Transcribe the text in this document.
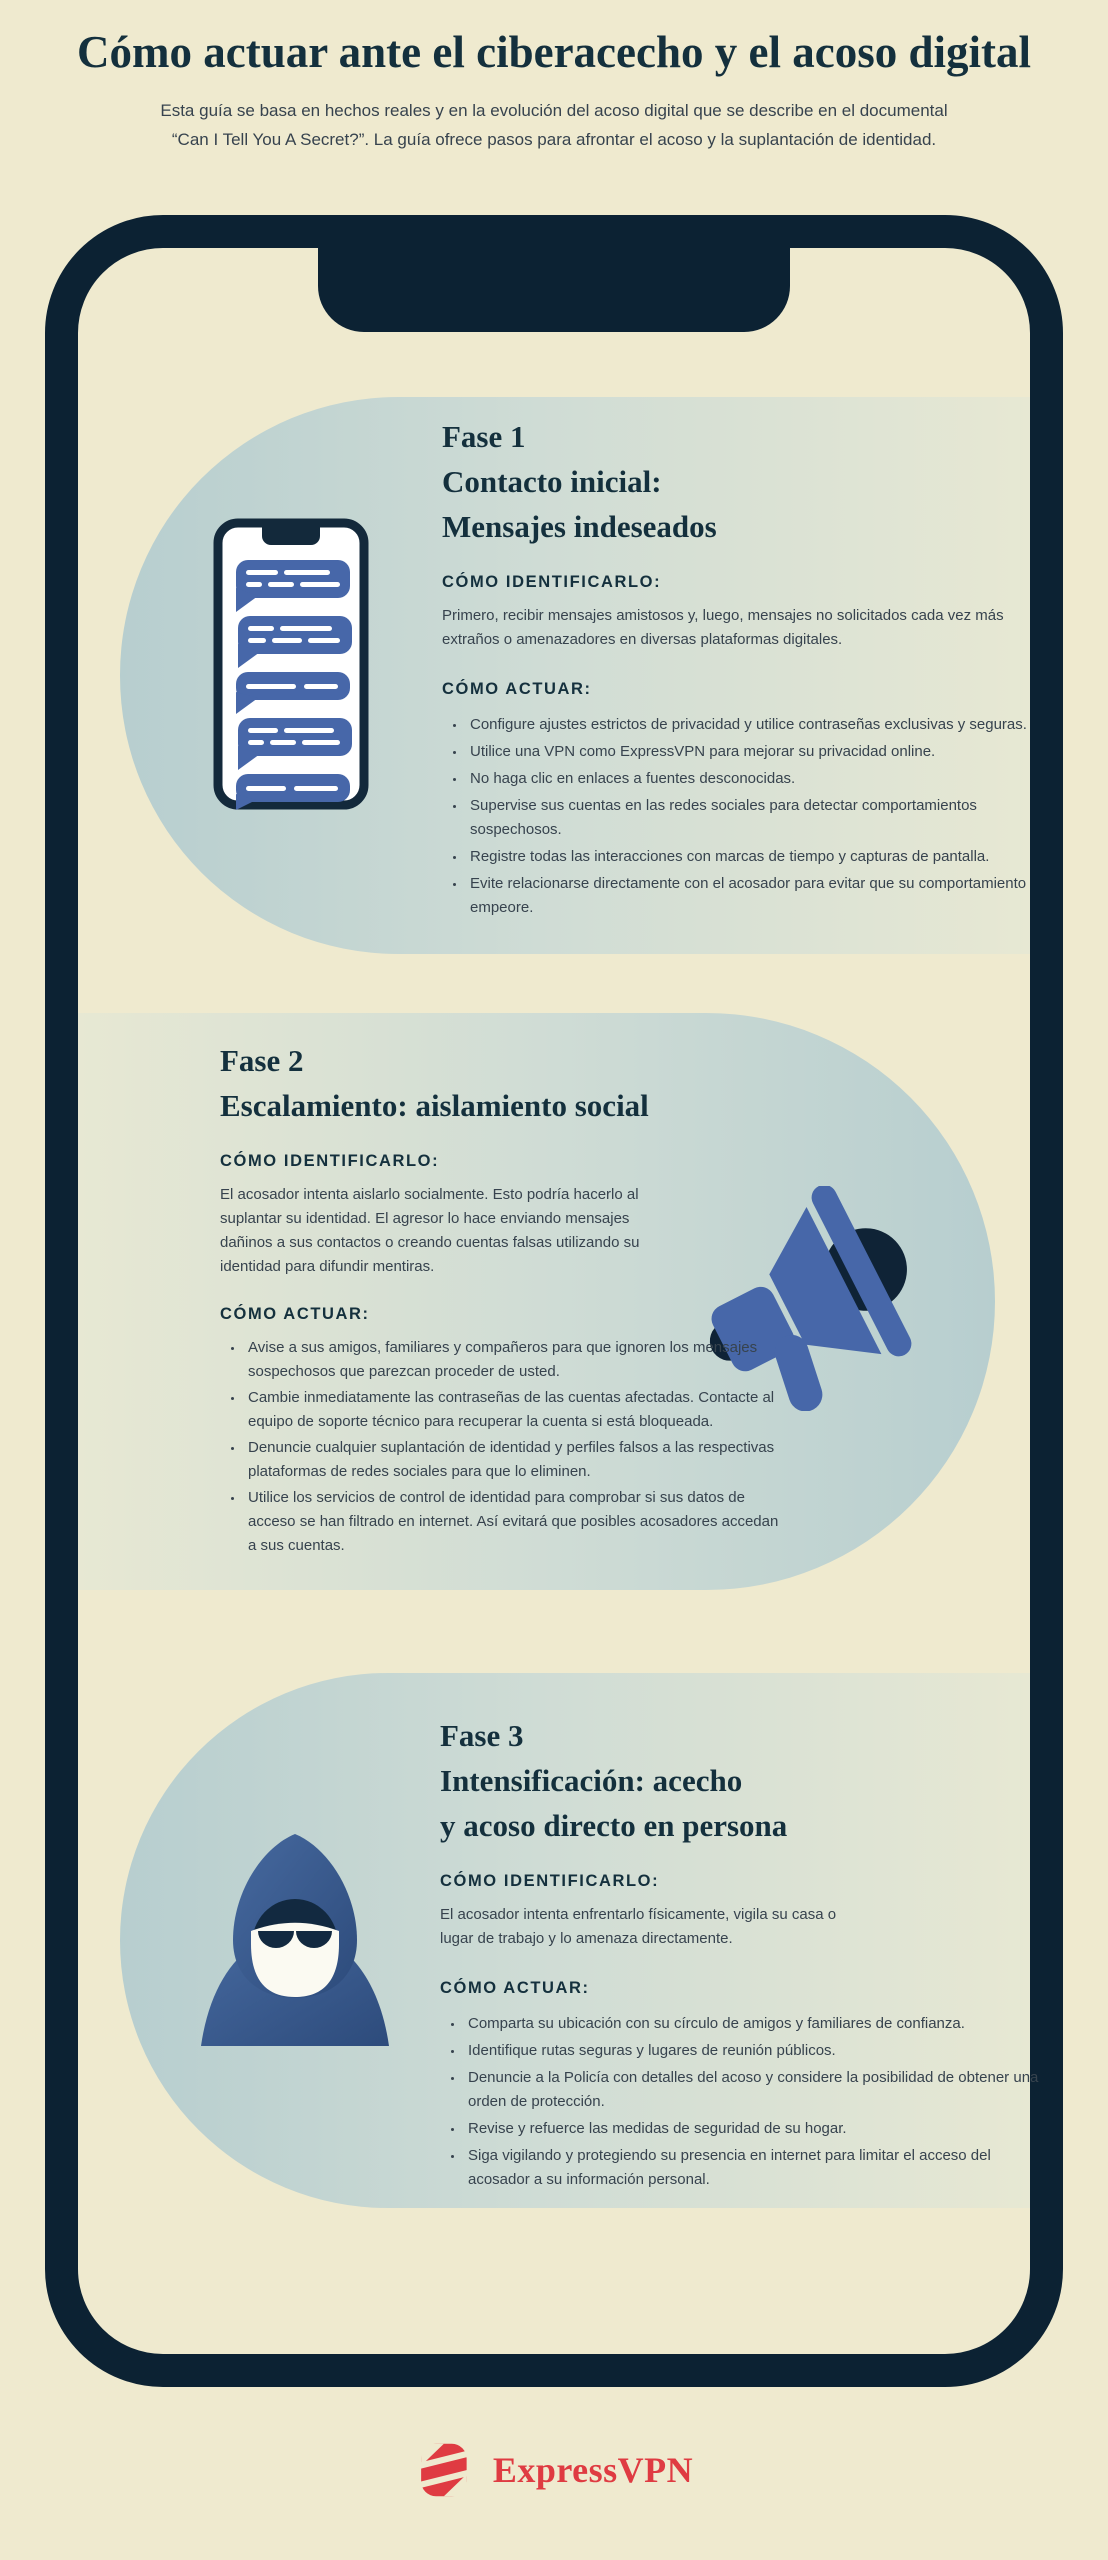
Cómo actuar ante el ciberacecho y el acoso digital
Esta guía se basa en hechos reales y en la evolución del acoso digital que se describe en el documental
“Can I Tell You A Secret?”. La guía ofrece pasos para afrontar el acoso y la suplantación de identidad.
Fase 1
Contacto inicial:
Mensajes indeseados
CÓMO IDENTIFICARLO:

Primero, recibir mensajes amistosos y, luego, mensajes no solicitados cada vez más extraños o amenazadores en diversas plataformas digitales.

CÓMO ACTUAR:
• Configure ajustes estrictos de privacidad y utilice contraseñas exclusivas y seguras.
• Utilice una VPN como ExpressVPN para mejorar su privacidad online.
• No haga clic en enlaces a fuentes desconocidas.
• Supervise sus cuentas en las redes sociales para detectar comportamientos sospechosos.
• Registre todas las interacciones con marcas de tiempo y capturas de pantalla.
• Evite relacionarse directamente con el acosador para evitar que su comportamiento empeore.
Fase 2
Escalamiento: aislamiento social
CÓMO IDENTIFICARLO:

El acosador intenta aislarlo socialmente. Esto podría hacerlo al suplantar su identidad. El agresor lo hace enviando mensajes dañinos a sus contactos o creando cuentas falsas utilizando su identidad para difundir mentiras.

CÓMO ACTUAR:
• Avise a sus amigos, familiares y compañeros para que ignoren los mensajes sospechosos que parezcan proceder de usted.
• Cambie inmediatamente las contraseñas de las cuentas afectadas. Contacte al equipo de soporte técnico para recuperar la cuenta si está bloqueada.
• Denuncie cualquier suplantación de identidad y perfiles falsos a las respectivas plataformas de redes sociales para que lo eliminen.
• Utilice los servicios de control de identidad para comprobar si sus datos de acceso se han filtrado en internet. Así evitará que posibles acosadores accedan a sus cuentas.
Fase 3
Intensificación: acecho
y acoso directo en persona
CÓMO IDENTIFICARLO:

El acosador intenta enfrentarlo físicamente, vigila su casa o lugar de trabajo y lo amenaza directamente.

CÓMO ACTUAR:
• Comparta su ubicación con su círculo de amigos y familiares de confianza.
• Identifique rutas seguras y lugares de reunión públicos.
• Denuncie a la Policía con detalles del acoso y considere la posibilidad de obtener una orden de protección.
• Revise y refuerce las medidas de seguridad de su hogar.
• Siga vigilando y protegiendo su presencia en internet para limitar el acceso del acosador a su información personal.
ExpressVPN
